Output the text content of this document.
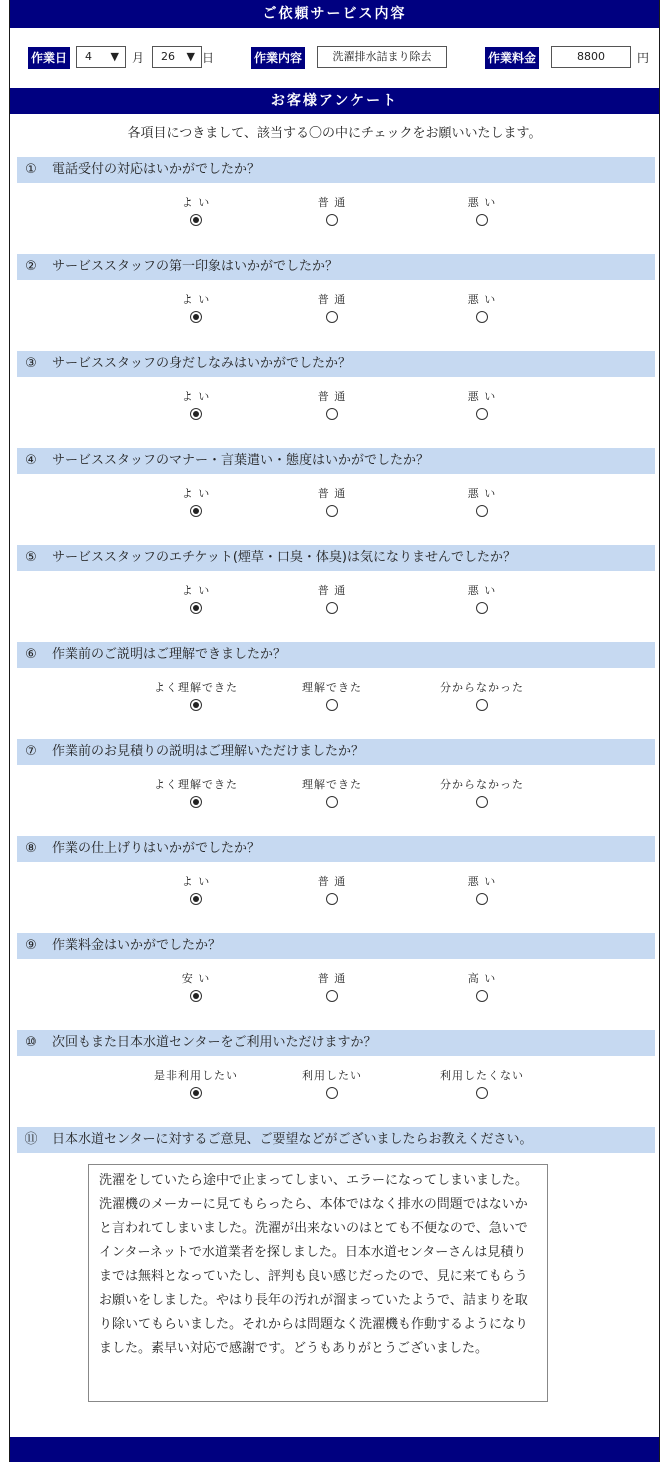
ご依頼サービス内容
作業日 4 ▼ 月 26 ▼ 日	作業内容	洗濯排水詰まり除去	作業料金	8800	円
お客様アンケート
各項目につきまして、該当する〇の中にチェックをお願いいたします。
① 電話受付の対応はいかがでしたか？
よ い	普 通	悪 い
② サービススタッフの第一印象はいかがでしたか？
よ い	普 通	悪 い
③ サービススタッフの身だしなみはいかがでしたか？
よ い	普 通	悪 い
④ サービススタッフのマナー・言葉遣い・態度はいかがでしたか？
よ い	普 通	悪 い
⑤ サービススタッフのエチケット(煙草・口臭・体臭)は気になりませんでしたか？
よ い	普 通	悪 い
⑥ 作業前のご説明はご理解できましたか？
よく理解できた	理解できた	分からなかった
⑦ 作業前のお見積りの説明はご理解いただけましたか？
よく理解できた	理解できた	分からなかった
⑧ 作業の仕上げりはいかがでしたか？
よ い	普 通	悪 い
⑨ 作業料金はいかがでしたか？
安 い	普 通	高 い
⑩ 次回もまた日本水道センターをご利用いただけますか？
是非利用したい	利用したい	利用したくない
⑪ 日本水道センターに対するご意見、ご要望などがございましたらお教えください。
洗濯をしていたら途中で止まってしまい、エラーになってしまいました。洗濯機のメーカーに見てもらったら、本体ではなく排水の問題ではないかと言われてしまいました。洗濯が出来ないのはとても不便なので、急いでインターネットで水道業者を探しました。日本水道センターさんは見積りまでは無料となっていたし、評判も良い感じだったので、見に来てもらうお願いをしました。やはり長年の汚れが溜まっていたようで、詰まりを取り除いてもらいました。それからは問題なく洗濯機も作動するようになりました。素早い対応で感謝です。どうもありがとうございました。
